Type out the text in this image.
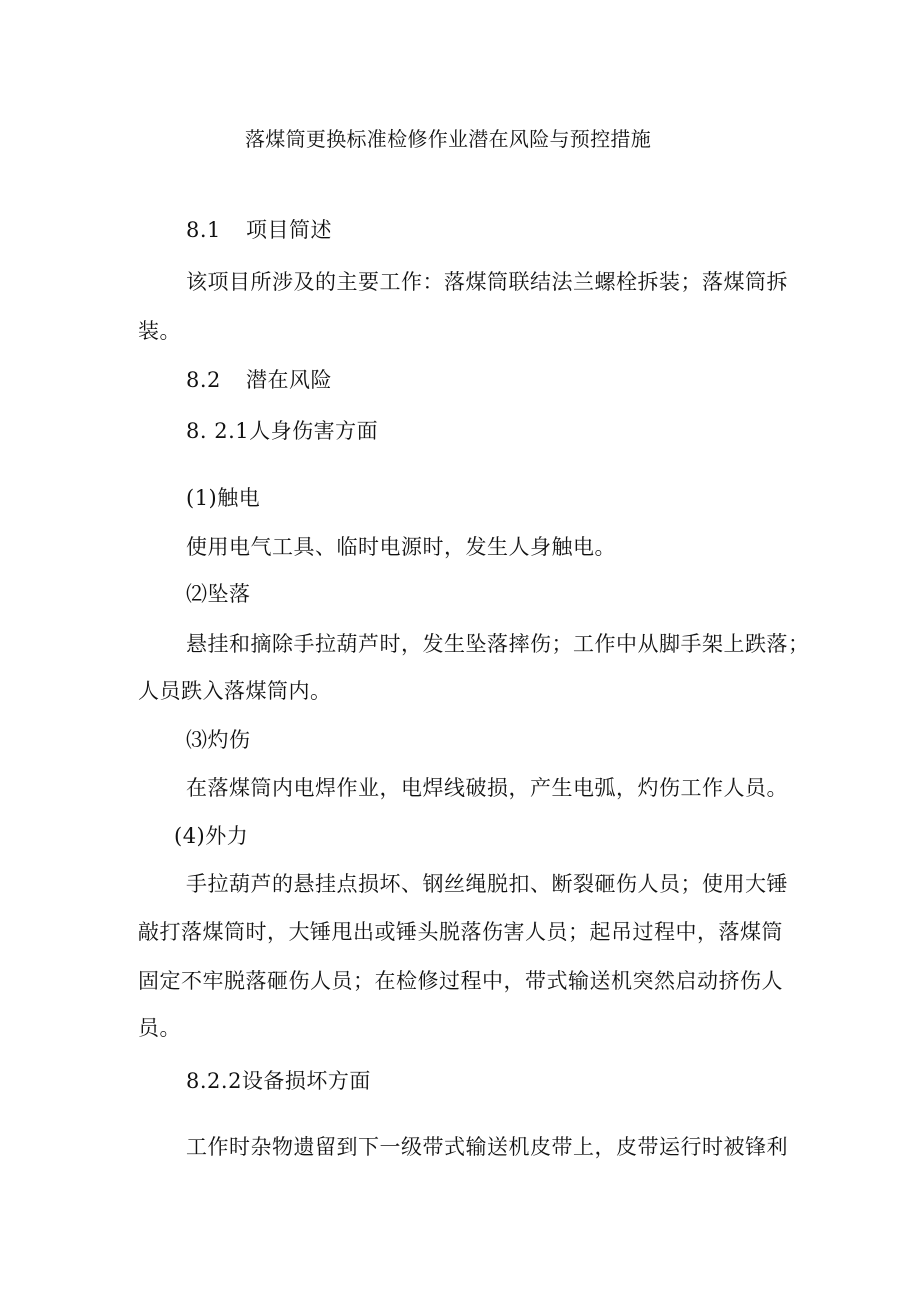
落煤筒更换标准检修作业潜在风险与预控措施
8.1 项目简述
该项目所涉及的主要工作：落煤筒联结法兰螺栓拆装；落煤筒拆
装。
8.2 潜在风险
8. 2.1人身伤害方面
(1)触电
使用电气工具、临时电源时，发生人身触电。
⑵坠落
悬挂和摘除手拉葫芦时，发生坠落摔伤；工作中从脚手架上跌落；
人员跌入落煤筒内。
⑶灼伤
在落煤筒内电焊作业，电焊线破损，产生电弧，灼伤工作人员。
(4)外力
手拉葫芦的悬挂点损坏、钢丝绳脱扣、断裂砸伤人员；使用大锤
敲打落煤筒时，大锤甩出或锤头脱落伤害人员；起吊过程中，落煤筒
固定不牢脱落砸伤人员；在检修过程中，带式输送机突然启动挤伤人
员。
8.2.2设备损坏方面
工作时杂物遗留到下一级带式输送机皮带上，皮带运行时被锋利
